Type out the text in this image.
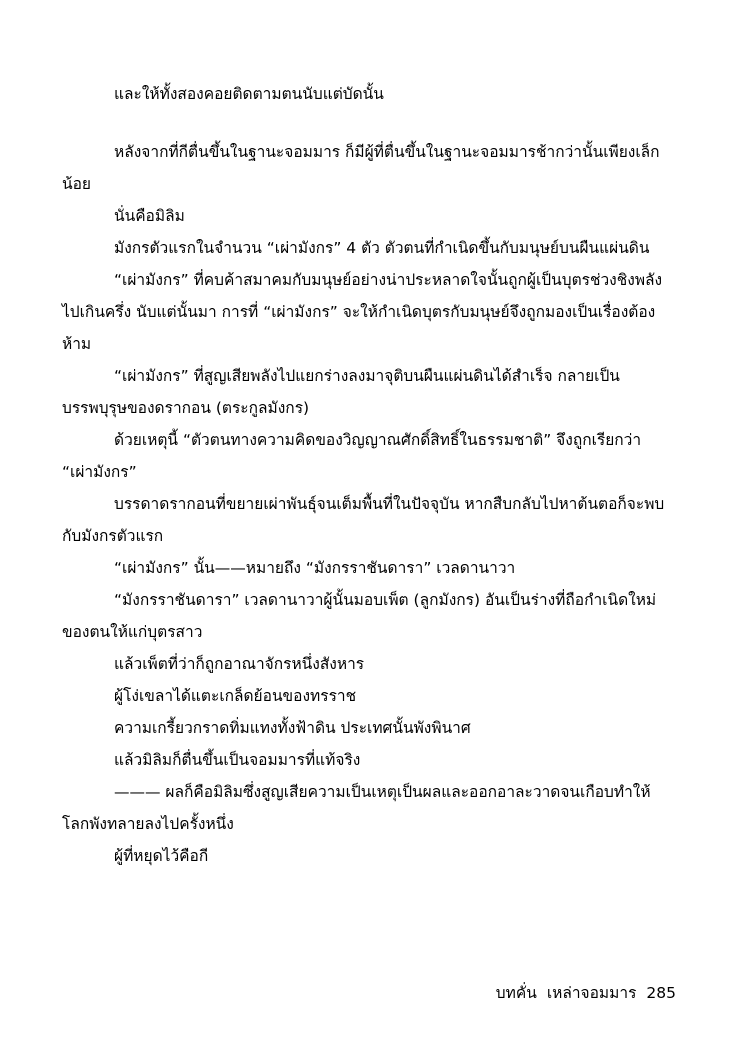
และให้ทั้งสองคอยติดตามตนนับแต่บัดนั้น

หลังจากที่กีตื่นขึ้นในฐานะจอมมาร ก็มีผู้ที่ตื่นขึ้นในฐานะจอมมารช้ากว่านั้นเพียงเล็กน้อย

นั่นคือมิลิม

มังกรตัวแรกในจำนวน “เผ่ามังกร” 4 ตัว ตัวตนที่กำเนิดขึ้นกับมนุษย์บนผืนแผ่นดิน

“เผ่ามังกร” ที่คบค้าสมาคมกับมนุษย์อย่างน่าประหลาดใจนั้นถูกผู้เป็นบุตรช่วงชิงพลังไปเกินครึ่ง นับแต่นั้นมา การที่ “เผ่ามังกร” จะให้กำเนิดบุตรกับมนุษย์จึงถูกมองเป็นเรื่องต้องห้าม

“เผ่ามังกร” ที่สูญเสียพลังไปแยกร่างลงมาจุติบนผืนแผ่นดินได้สำเร็จ กลายเป็นบรรพบุรุษของดรากอน (ตระกูลมังกร)

ด้วยเหตุนี้ “ตัวตนทางความคิดของวิญญาณศักดิ์สิทธิ์ในธรรมชาติ” จึงถูกเรียกว่า “เผ่ามังกร”

บรรดาดรากอนที่ขยายเผ่าพันธุ์จนเต็มพื้นที่ในปัจจุบัน หากสืบกลับไปหาต้นตอก็จะพบกับมังกรตัวแรก

“เผ่ามังกร” นั้น——หมายถึง “มังกรราชันดารา” เวลดานาวา

“มังกรราชันดารา” เวลดานาวาผู้นั้นมอบเพ็ต (ลูกมังกร) อันเป็นร่างที่ถือกำเนิดใหม่ของตนให้แก่บุตรสาว

แล้วเพ็ตที่ว่าก็ถูกอาณาจักรหนึ่งสังหาร

ผู้โง่เขลาได้แตะเกล็ดย้อนของทรราช

ความเกรี้ยวกราดทิ่มแทงทั้งฟ้าดิน ประเทศนั้นพังพินาศ

แล้วมิลิมก็ตื่นขึ้นเป็นจอมมารที่แท้จริง

——— ผลก็คือมิลิมซึ่งสูญเสียความเป็นเหตุเป็นผลและออกอาละวาดจนเกือบทำให้โลกพังทลายลงไปครั้งหนึ่ง

ผู้ที่หยุดไว้คือกี

บทคั่น เหล่าจอมมาร 285
